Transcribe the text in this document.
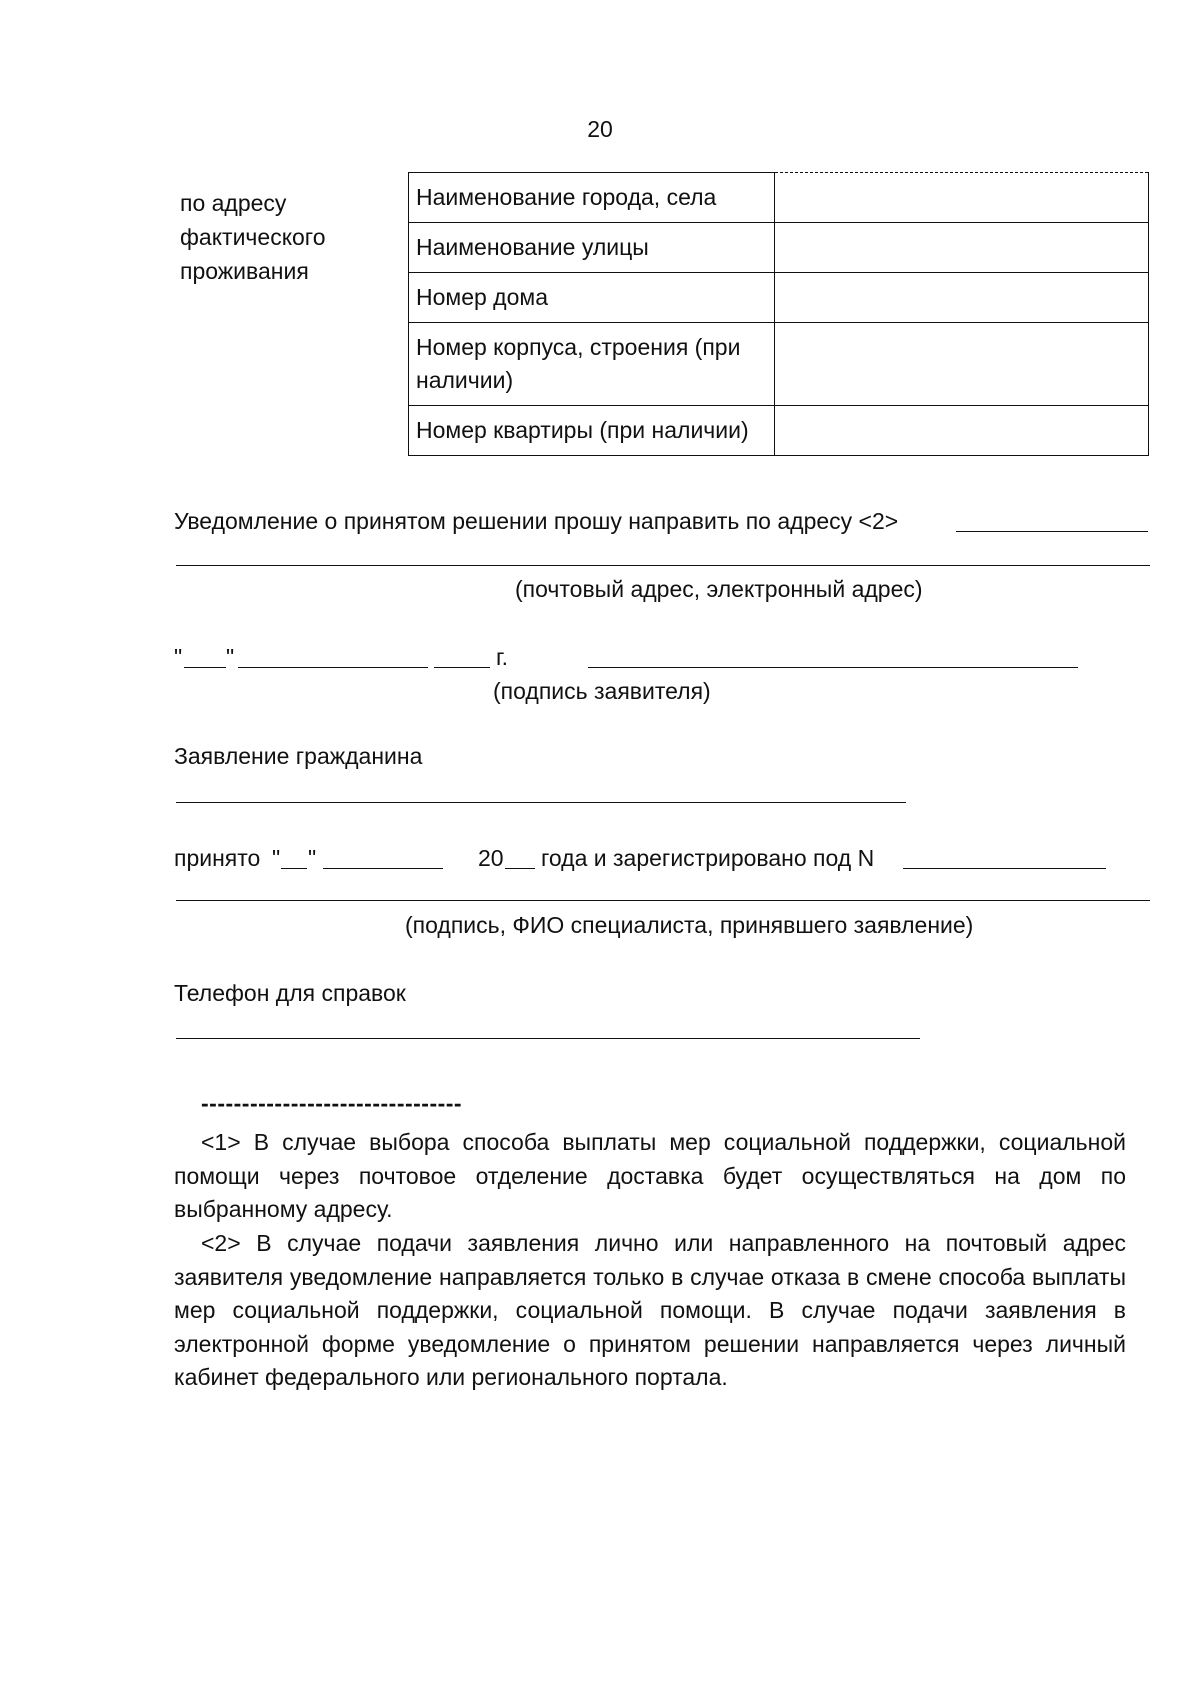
20
по адресу фактического проживания
Наименование города, села	
Наименование улицы	
Номер дома	
Номер корпуса, строения (при наличии)	
Номер квартиры (при наличии)	
Уведомление о принятом решении прошу направить по адресу <2>
(почтовый адрес, электронный адрес)
" "	г.
(подпись заявителя)
Заявление гражданина
принято " "	20 года и зарегистрировано под N
(подпись, ФИО специалиста, принявшего заявление)
Телефон для справок
--------------------------------
<1> В случае выбора способа выплаты мер социальной поддержки, социальной помощи через почтовое отделение доставка будет осуществляться на дом по выбранному адресу.
<2> В случае подачи заявления лично или направленного на почтовый адрес заявителя уведомление направляется только в случае отказа в смене способа выплаты мер социальной поддержки, социальной помощи. В случае подачи заявления в электронной форме уведомление о принятом решении направляется через личный кабинет федерального или регионального портала.
